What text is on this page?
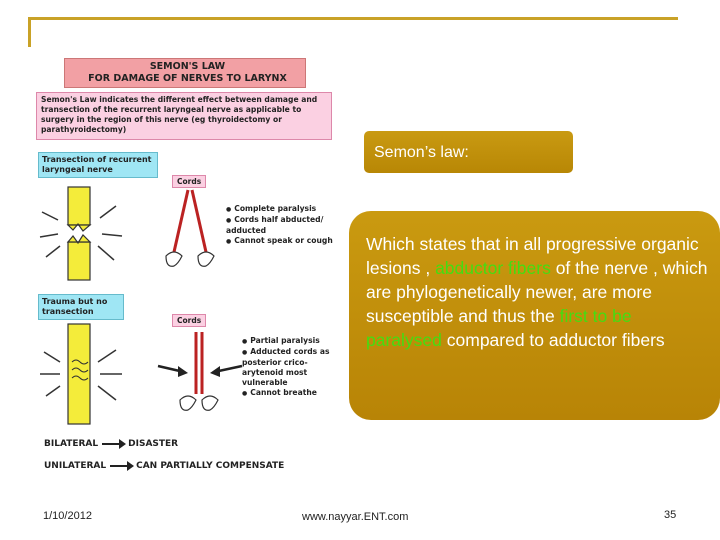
SEMON'S LAW
FOR DAMAGE OF NERVES TO LARYNX
Semon's Law indicates the different effect between damage and transection of the recurrent laryngeal nerve as applicable to surgery in the region of this nerve (eg thyroidectomy or parathyroidectomy)
Transection of recurrent laryngeal nerve
Cords
● Complete paralysis
● Cords half abducted/ adducted
● Cannot speak or cough
Trauma but no transection
Cords
● Partial paralysis
● Adducted cords as posterior crico-arytenoid most vulnerable
● Cannot breathe
BILATERAL	DISASTER
UNILATERAL	CAN PARTIALLY COMPENSATE
Semon’s law:
Which states that in all progressive organic lesions , abductor fibers of the nerve , which are phylogenetically newer, are more susceptible and thus the first to be paralysed compared to adductor fibers
1/10/2012	www.nayyar.ENT.com	35
